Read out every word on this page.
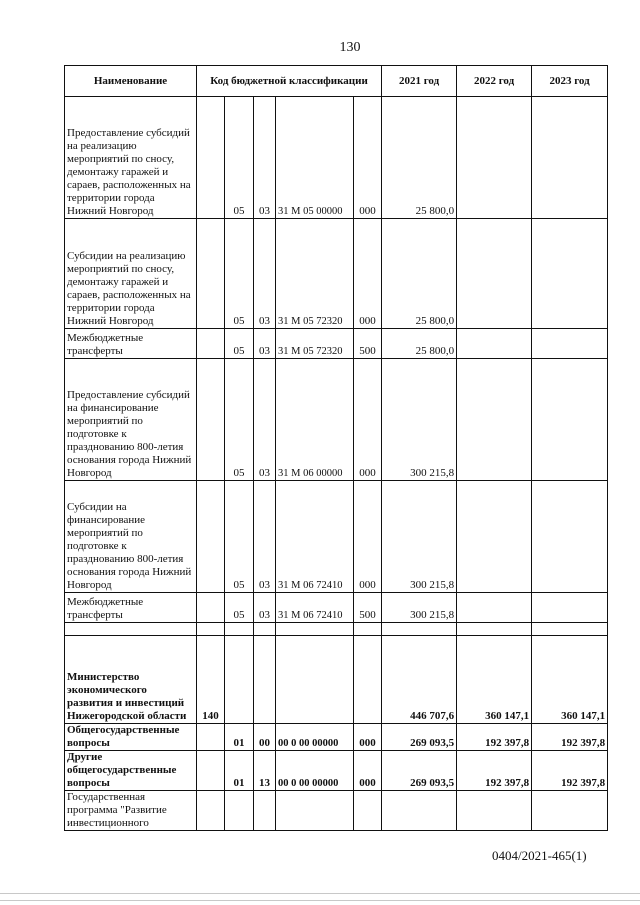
130
Наименование	Код бюджетной классификации					2021 год	2022 год	2023 год
Предоставление субсидий на реализацию мероприятий по сносу, демонтажу гаражей и сараев, расположенных на территории города Нижний Новгород		05	03	31 М 05 00000	000	25 800,0		
Субсидии на реализацию мероприятий по сносу, демонтажу гаражей и сараев, расположенных на территории города Нижний Новгород		05	03	31 М 05 72320	000	25 800,0		
Межбюджетные трансферты		05	03	31 М 05 72320	500	25 800,0		
Предоставление субсидий на финансирование мероприятий по подготовке к празднованию 800-летия основания города Нижний Новгород		05	03	31 М 06 00000	000	300 215,8		
Субсидии на финансирование мероприятий по подготовке к празднованию 800-летия основания города Нижний Новгород		05	03	31 М 06 72410	000	300 215,8		
Межбюджетные трансферты		05	03	31 М 06 72410	500	300 215,8		

Министерство экономического развития и инвестиций Нижегородской области	140					446 707,6	360 147,1	360 147,1
Общегосударственные вопросы		01	00	00 0 00 00000	000	269 093,5	192 397,8	192 397,8
Другие общегосударственные вопросы		01	13	00 0 00 00000	000	269 093,5	192 397,8	192 397,8
Государственная программа "Развитие инвестиционного								
0404/2021-465(1)
